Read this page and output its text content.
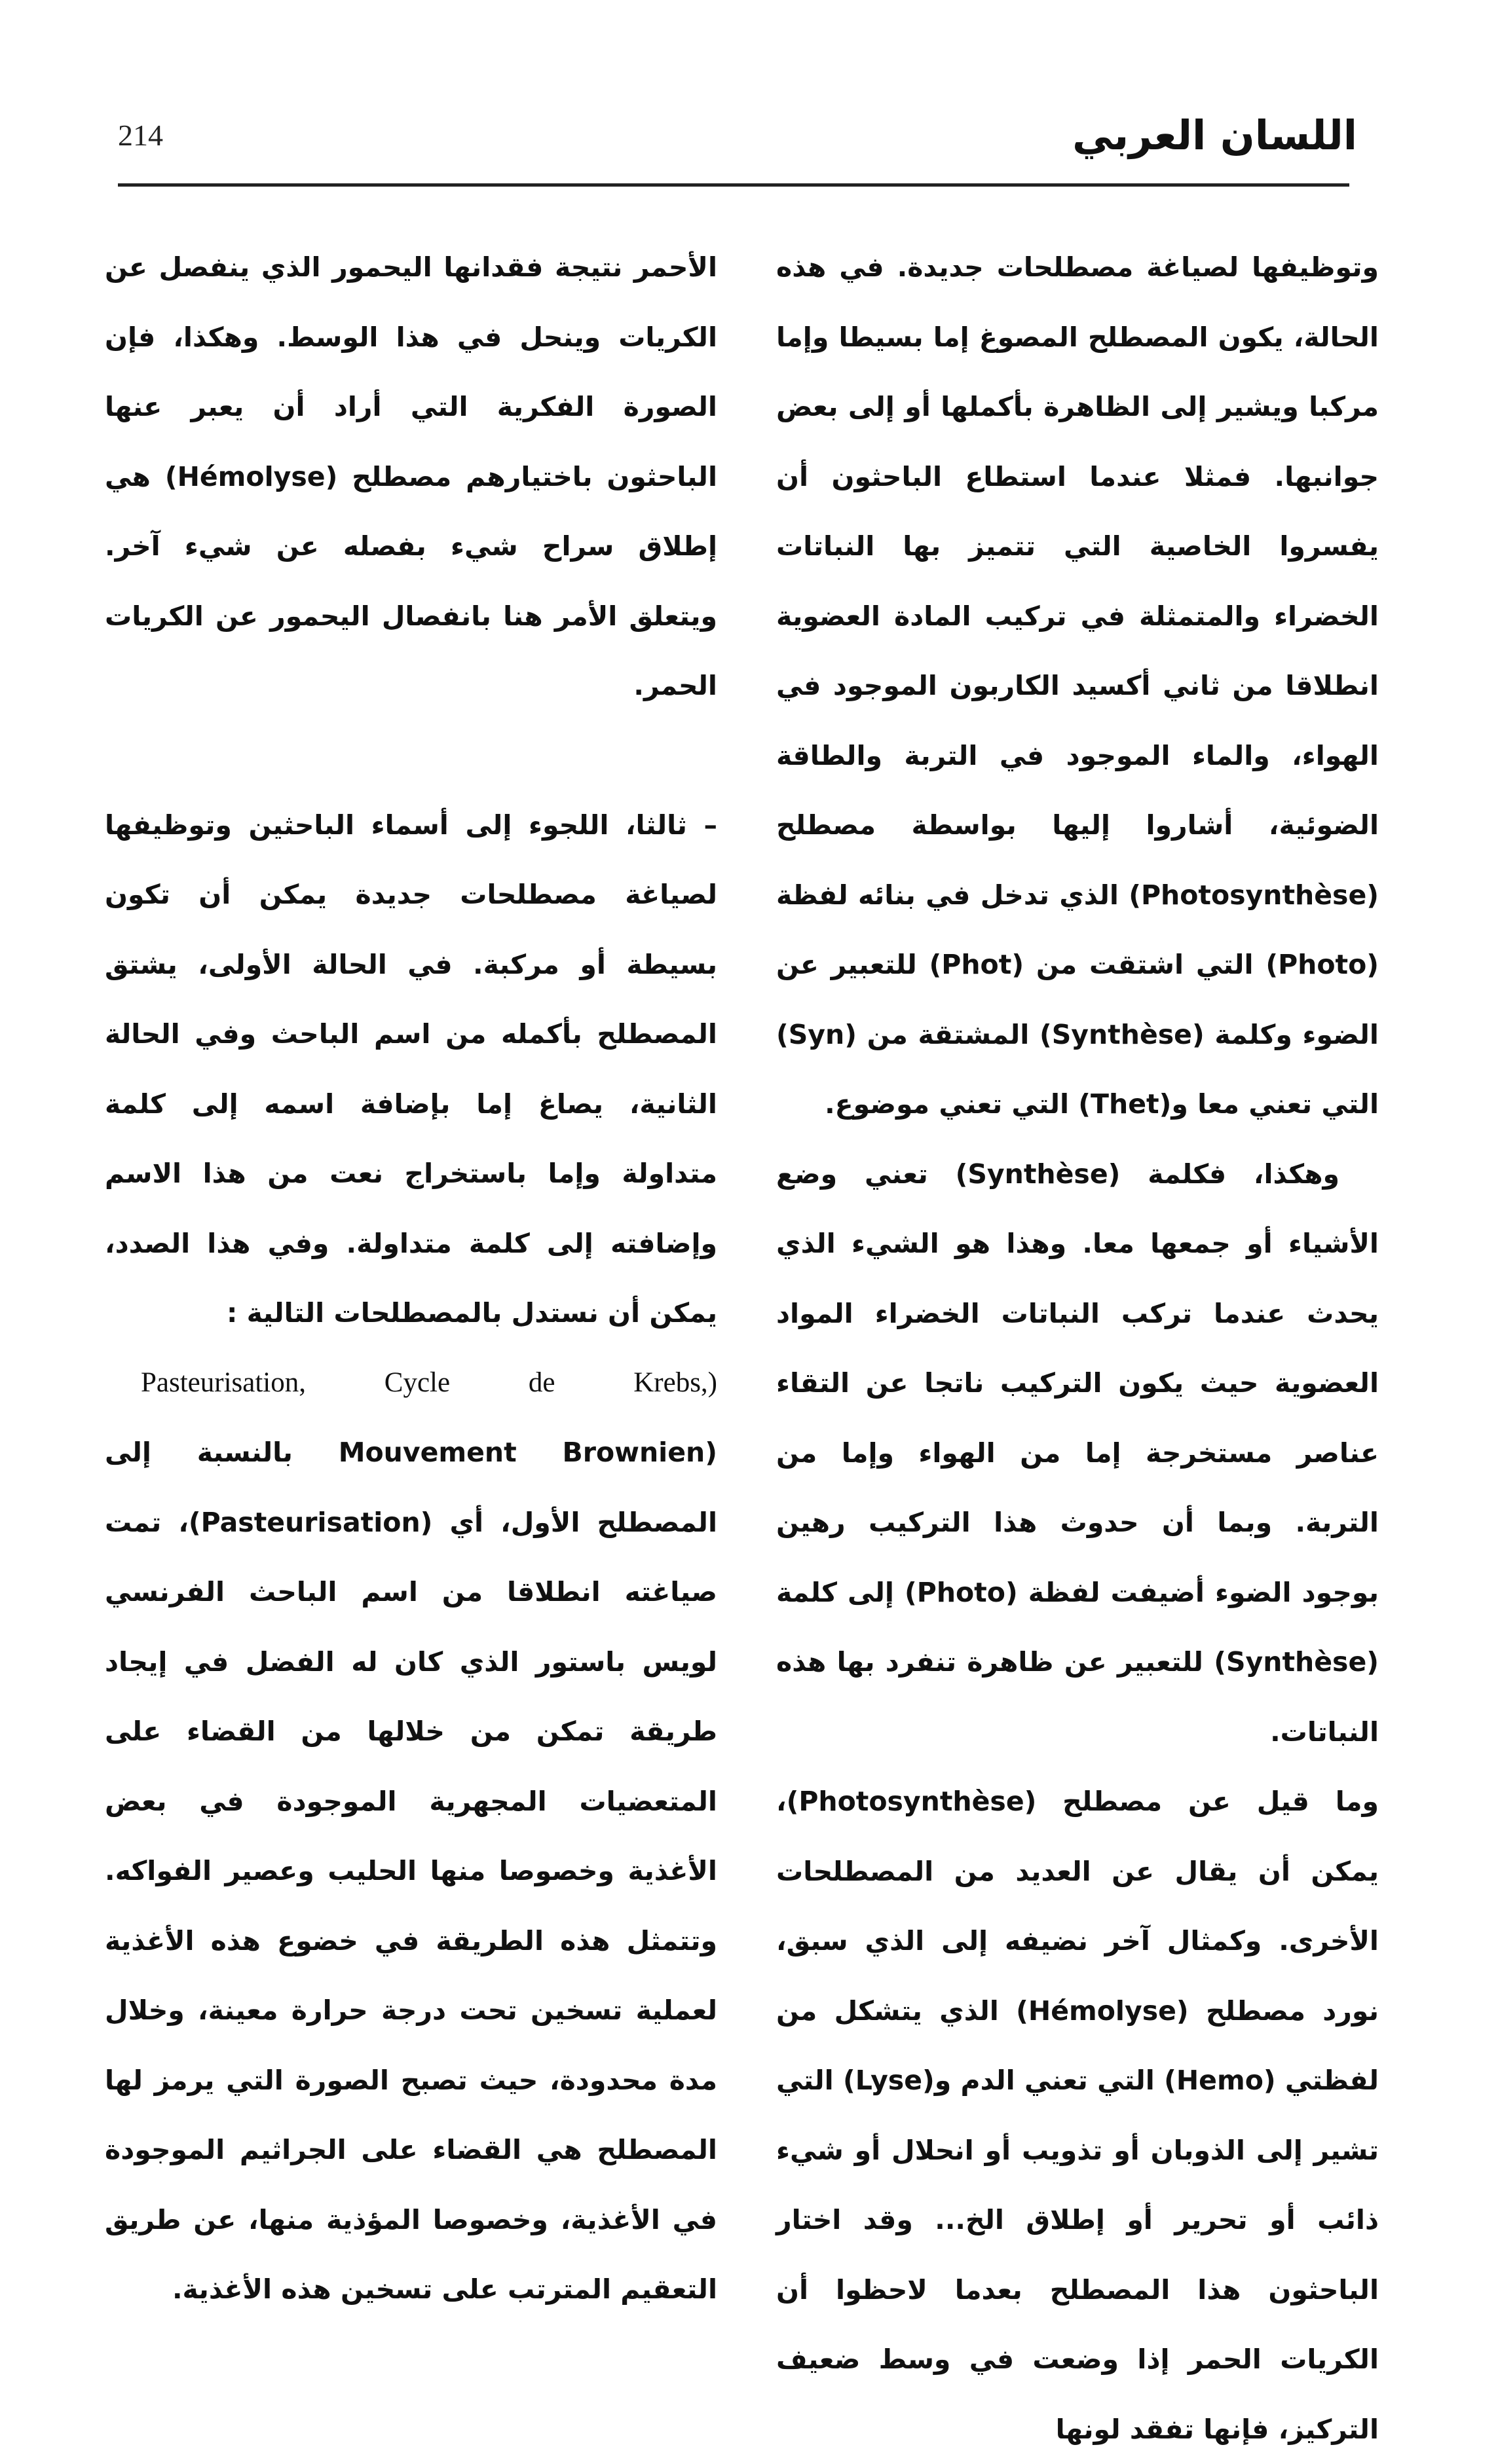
214	اللسان العربي

وتوظيفها لصياغة مصطلحات جديدة. في هذه الحالة، يكون المصطلح المصوغ إما بسيطا وإما مركبا ويشير إلى الظاهرة بأكملها أو إلى بعض جوانبها. فمثلا عندما استطاع الباحثون أن يفسروا الخاصية التي تتميز بها النباتات الخضراء والمتمثلة في تركيب المادة العضوية انطلاقا من ثاني أكسيد الكاربون الموجود في الهواء، والماء الموجود في التربة والطاقة الضوئية، أشاروا إليها بواسطة مصطلح (Photosynthèse) الذي تدخل في بنائه لفظة (Photo) التي اشتقت من (Phot) للتعبير عن الضوء وكلمة (Synthèse) المشتقة من (Syn) التي تعني معا و(Thet) التي تعني موضوع.

وهكذا، فكلمة (Synthèse) تعني وضع الأشياء أو جمعها معا. وهذا هو الشيء الذي يحدث عندما تركب النباتات الخضراء المواد العضوية حيث يكون التركيب ناتجا عن التقاء عناصر مستخرجة إما من الهواء وإما من التربة. وبما أن حدوث هذا التركيب رهين بوجود الضوء أضيفت لفظة (Photo) إلى كلمة (Synthèse) للتعبير عن ظاهرة تنفرد بها هذه النباتات.

وما قيل عن مصطلح (Photosynthèse)، يمكن أن يقال عن العديد من المصطلحات الأخرى. وكمثال آخر نضيفه إلى الذي سبق، نورد مصطلح (Hémolyse) الذي يتشكل من لفظتي (Hemo) التي تعني الدم و(Lyse) التي تشير إلى الذوبان أو تذويب أو انحلال أو شيء ذائب أو تحرير أو إطلاق الخ... وقد اختار الباحثون هذا المصطلح بعدما لاحظوا أن الكريات الحمر إذا وضعت في وسط ضعيف التركيز، فإنها تفقد لونها

الأحمر نتيجة فقدانها اليحمور الذي ينفصل عن الكريات وينحل في هذا الوسط. وهكذا، فإن الصورة الفكرية التي أراد أن يعبر عنها الباحثون باختيارهم مصطلح (Hémolyse) هي إطلاق سراح شيء بفصله عن شيء آخر. ويتعلق الأمر هنا بانفصال اليحمور عن الكريات الحمر.

– ثالثا، اللجوء إلى أسماء الباحثين وتوظيفها لصياغة مصطلحات جديدة يمكن أن تكون بسيطة أو مركبة. في الحالة الأولى، يشتق المصطلح بأكمله من اسم الباحث وفي الحالة الثانية، يصاغ إما بإضافة اسمه إلى كلمة متداولة وإما باستخراج نعت من هذا الاسم وإضافته إلى كلمة متداولة. وفي هذا الصدد، يمكن أن نستدل بالمصطلحات التالية :

Pasteurisation, Cycle de Krebs,)

(Mouvement Brownien بالنسبة إلى المصطلح الأول، أي (Pasteurisation)، تمت صياغته انطلاقا من اسم الباحث الفرنسي لويس باستور الذي كان له الفضل في إيجاد طريقة تمكن من خلالها من القضاء على المتعضيات المجهرية الموجودة في بعض الأغذية وخصوصا منها الحليب وعصير الفواكه. وتتمثل هذه الطريقة في خضوع هذه الأغذية لعملية تسخين تحت درجة حرارة معينة، وخلال مدة محدودة، حيث تصبح الصورة التي يرمز لها المصطلح هي القضاء على الجراثيم الموجودة في الأغذية، وخصوصا المؤذية منها، عن طريق التعقيم المترتب على تسخين هذه الأغذية.
